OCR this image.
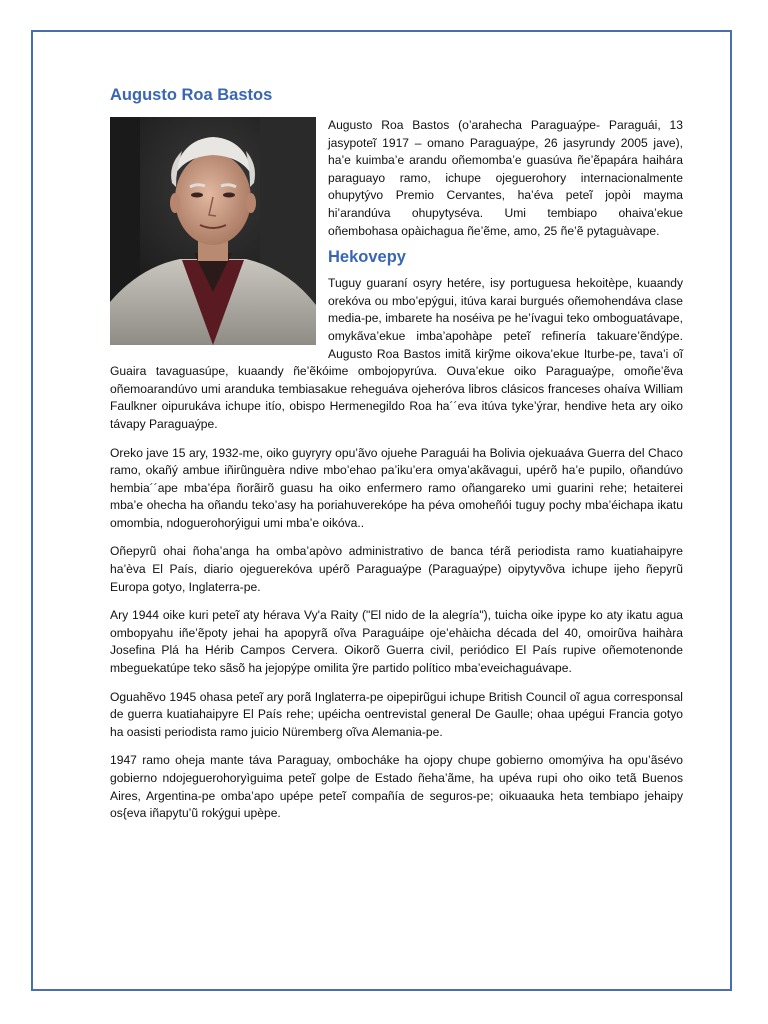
Augusto Roa Bastos

Augusto Roa Bastos (o’arahecha Paraguaýpe- Paraguái, 13 jasypoteĩ 1917 – omano Paraguaýpe, 26 jasyrundy 2005 jave), ha’e kuimba’e arandu oñemomba’e guasúva ñe’ẽpapára haihára paraguayo ramo, ichupe ojeguerohory internacionalmente ohupytývo Premio Cervantes, ha’éva peteĩ jopòi mayma hi’arandúva ohupytyséva. Umi tembiapo ohaiva’ekue oñembohasa opàichagua ñe’ẽme, amo, 25 ñe’ẽ pytaguàvape.

Hekovepy

Tuguy guaraní osyry hetére, isy portuguesa hekoitèpe, kuaandy orekóva ou mbo’epýgui, itúva karai burgués oñemohendáva clase media-pe, imbarete ha noséiva pe he’ívagui teko omboguatávape, omyka̋va’ekue imba’apohàpe peteĩ refinería takuare’ẽndýpe. Augusto Roa Bastos imitã kirỹme oikova’ekue Iturbe-pe, tava’i oĩ Guaira tavaguasúpe, kuaandy ñe’ẽkóime ombojopyrúva. Ouva’ekue oiko Paraguaýpe, omoñe’ẽva oñemoarandúvo umi aranduka tembiasakue reheguáva ojeheróva libros clásicos franceses ohaíva William Faulkner oipurukáva ichupe itío, obispo Hermenegildo Roa ha´´eva itúva tyke’ýrar, hendive heta ary oiko távapy Paraguaýpe.

Oreko jave 15 ary, 1932-me, oiko guyryry opu’ãvo ojuehe Paraguái ha Bolivia ojekuaáva Guerra del Chaco ramo, okañý ambue iñirũnguèra ndive mbo’ehao pa’iku’era omya’akãvagui, upérõ ha’e pupilo, oñandúvo hembia´´ape mba’épa ñorãirõ guasu ha oiko enfermero ramo oñangareko umi guarini rehe; hetaiterei mba’e ohecha ha oñandu teko’asy ha poriahuverekópe ha péva omoheñói tuguy pochy mba’éichapa ikatu omombia, ndoguerohorýigui umi mba’e oikóva..

Oñepyrũ ohai ñoha’anga ha omba’apòvo administrativo de banca térã periodista ramo kuatiahaipyre ha’èva El País, diario ojeguerekóva upérõ Paraguaýpe (Paraguaýpe) oipytyvõva ichupe ijeho ñepyrũ Europa gotyo, Inglaterra-pe.

Ary 1944 oike kuri peteĩ aty hérava Vy'a Raity ("El nido de la alegría"), tuicha oike ipype ko aty ikatu agua ombopyahu iñe’ẽpoty jehai ha apopyrã oĩva Paraguáipe oje’ehàicha década del 40, omoirũva haihàra Josefina Plá ha Hérib Campos Cervera. Oikorõ Guerra civil, periódico El País rupive oñemotenonde mbeguekatúpe teko sãsõ ha jejopýpe omilita ỹre partido político mba’eveichaguávape.

Oguahẽvo 1945 ohasa peteĩ ary porã Inglaterra-pe oipepirũgui ichupe British Council oĩ agua corresponsal de guerra kuatiahaipyre El País rehe; upéicha oentrevistal general De Gaulle; ohaa upégui Francia gotyo ha oasisti periodista ramo juicio Nüremberg oĩva Alemania-pe.

1947 ramo oheja mante táva Paraguay, ombocháke ha ojopy chupe gobierno omomýiva ha opu’ãsévo gobierno ndojeguerohoryìguima peteĩ golpe de Estado ñeha’ãme, ha upéva rupi oho oiko tetã Buenos Aires, Argentina-pe omba’apo upépe peteĩ compañía de seguros-pe; oikuaauka heta tembiapo jehaipy os{eva iñapytu’ũ rokýgui upèpe.
